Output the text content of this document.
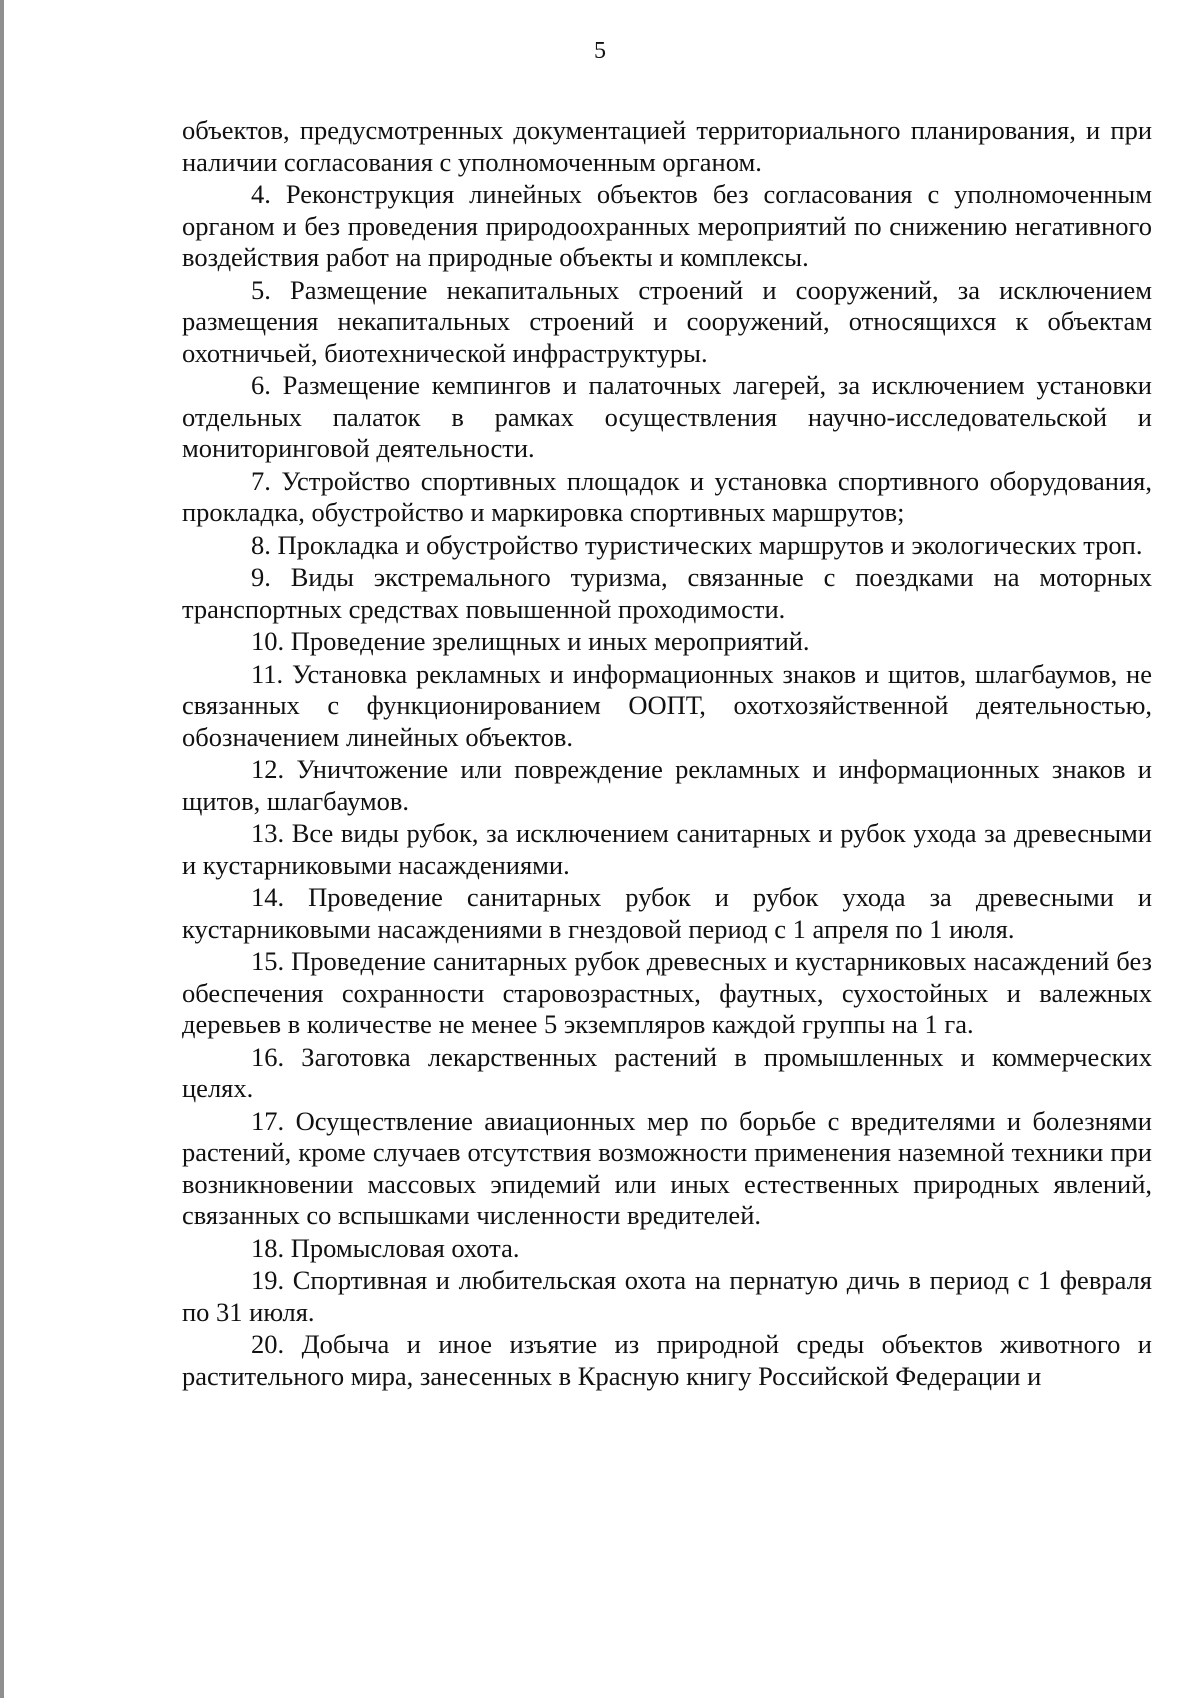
5

объектов, предусмотренных документацией территориального планирования, и при наличии согласования с уполномоченным органом.

4. Реконструкция линейных объектов без согласования с уполномоченным органом и без проведения природоохранных мероприятий по снижению негативного воздействия работ на природные объекты и комплексы.

5. Размещение некапитальных строений и сооружений, за исключением размещения некапитальных строений и сооружений, относящихся к объектам охотничьей, биотехнической инфраструктуры.

6. Размещение кемпингов и палаточных лагерей, за исключением установки отдельных палаток в рамках осуществления научно-исследовательской и мониторинговой деятельности.

7. Устройство спортивных площадок и установка спортивного оборудования, прокладка, обустройство и маркировка спортивных маршрутов;

8. Прокладка и обустройство туристических маршрутов и экологических троп.

9. Виды экстремального туризма, связанные с поездками на моторных транспортных средствах повышенной проходимости.

10. Проведение зрелищных и иных мероприятий.

11. Установка рекламных и информационных знаков и щитов, шлагбаумов, не связанных с функционированием ООПТ, охотхозяйственной деятельностью, обозначением линейных объектов.

12. Уничтожение или повреждение рекламных и информационных знаков и щитов, шлагбаумов.

13. Все виды рубок, за исключением санитарных и рубок ухода за древесными и кустарниковыми насаждениями.

14. Проведение санитарных рубок и рубок ухода за древесными и кустарниковыми насаждениями в гнездовой период с 1 апреля по 1 июля.

15. Проведение санитарных рубок древесных и кустарниковых насаждений без обеспечения сохранности старовозрастных, фаутных, сухостойных и валежных деревьев в количестве не менее 5 экземпляров каждой группы на 1 га.

16. Заготовка лекарственных растений в промышленных и коммерческих целях.

17. Осуществление авиационных мер по борьбе с вредителями и болезнями растений, кроме случаев отсутствия возможности применения наземной техники при возникновении массовых эпидемий или иных естественных природных явлений, связанных со вспышками численности вредителей.

18. Промысловая охота.

19. Спортивная и любительская охота на пернатую дичь в период с 1 февраля по 31 июля.

20. Добыча и иное изъятие из природной среды объектов животного и растительного мира, занесенных в Красную книгу Российской Федерации и
